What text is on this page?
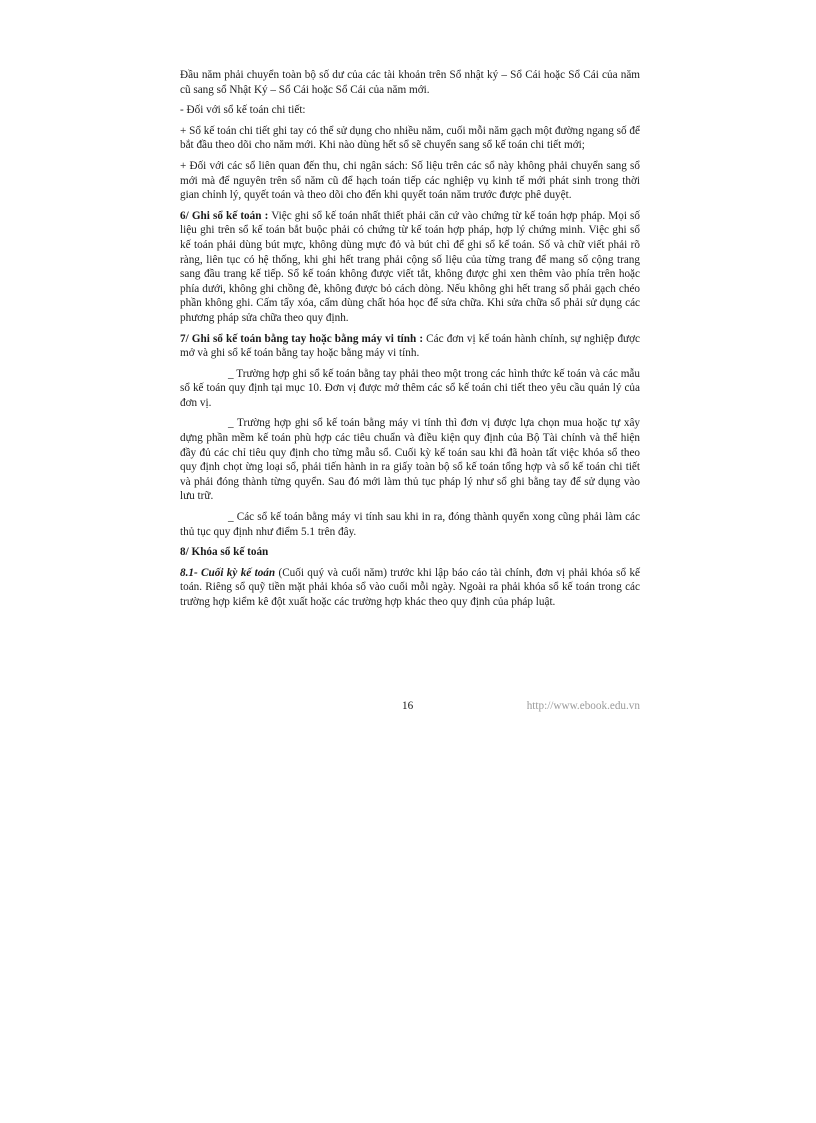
Đầu năm phải chuyển toàn bộ số dư của các tài khoản trên Sổ nhật ký – Sổ Cái hoặc Sổ Cái của năm cũ sang sổ Nhật Ký – Sổ Cái hoặc Sổ Cái của năm mới.

- Đối với sổ kế toán chi tiết:

+ Sổ kế toán chi tiết ghi tay có thể sử dụng cho nhiều năm, cuối mỗi năm gạch một đường ngang số để bắt đầu theo dõi cho năm mới. Khi nào dùng hết sổ sẽ chuyển sang sổ kế toán chi tiết mới;

+ Đối với các sổ liên quan đến thu, chi ngân sách: Số liệu trên các sổ này không phải chuyển sang sổ mới mà để nguyên trên sổ năm cũ để hạch toán tiếp các nghiệp vụ kinh tế mới phát sinh trong thời gian chỉnh lý, quyết toán và theo dõi cho đến khi quyết toán năm trước được phê duyệt.

6/ Ghi sổ kế toán : Việc ghi sổ kế toán nhất thiết phải căn cứ vào chứng từ kế toán hợp pháp. Mọi số liệu ghi trên sổ kế toán bắt buộc phải có chứng từ kế toán hợp pháp, hợp lý chứng minh. Việc ghi sổ kế toán phải dùng bút mực, không dùng mực đỏ và bút chì để ghi sổ kế toán. Số và chữ viết phải rõ ràng, liên tục có hệ thống, khi ghi hết trang phải cộng số liệu của từng trang để mang số cộng trang sang đầu trang kế tiếp. Sổ kế toán không được viết tắt, không được ghi xen thêm vào phía trên hoặc phía dưới, không ghi chồng đè, không được bỏ cách dòng. Nếu không ghi hết trang sổ phải gạch chéo phần không ghi. Cấm tẩy xóa, cấm dùng chất hóa học để sửa chữa. Khi sửa chữa sổ phải sử dụng các phương pháp sửa chữa theo quy định.

7/ Ghi sổ kế toán bằng tay hoặc bằng máy vi tính : Các đơn vị kế toán hành chính, sự nghiệp được mở và ghi sổ kế toán bằng tay hoặc bằng máy vi tính.

_ Trường hợp ghi sổ kế toán bằng tay phải theo một trong các hình thức kế toán và các mẫu sổ kế toán quy định tại mục 10. Đơn vị được mở thêm các sổ kế toán chi tiết theo yêu cầu quản lý của đơn vị.

_ Trường hợp ghi sổ kế toán bằng máy vi tính thì đơn vị được lựa chọn mua hoặc tự xây dựng phần mềm kế toán phù hợp các tiêu chuẩn và điều kiện quy định của Bộ Tài chính và thể hiện đầy đủ các chỉ tiêu quy định cho từng mẫu sổ. Cuối kỳ kế toán sau khi đã hoàn tất việc khóa sổ theo quy định chọt ừng loại sổ, phải tiến hành in ra giấy toàn bộ sổ kế toán tổng hợp và sổ kế toán chi tiết và phải đóng thành từng quyển. Sau đó mới làm thủ tục pháp lý như sổ ghi bằng tay để sử dụng vào lưu trữ.

_ Các sổ kế toán bằng máy vi tính sau khi in ra, đóng thành quyển xong cũng phải làm các thủ tục quy định như điểm 5.1 trên đây.

8/ Khóa sổ kế toán

8.1- Cuối kỳ kế toán (Cuối quý và cuối năm) trước khi lập báo cáo tài chính, đơn vị phải khóa sổ kế toán. Riêng sổ quỹ tiền mặt phải khóa sổ vào cuối mỗi ngày. Ngoài ra phải khóa sổ kế toán trong các trường hợp kiểm kê đột xuất hoặc các trường hợp khác theo quy định của pháp luật.

16	http://www.ebook.edu.vn
